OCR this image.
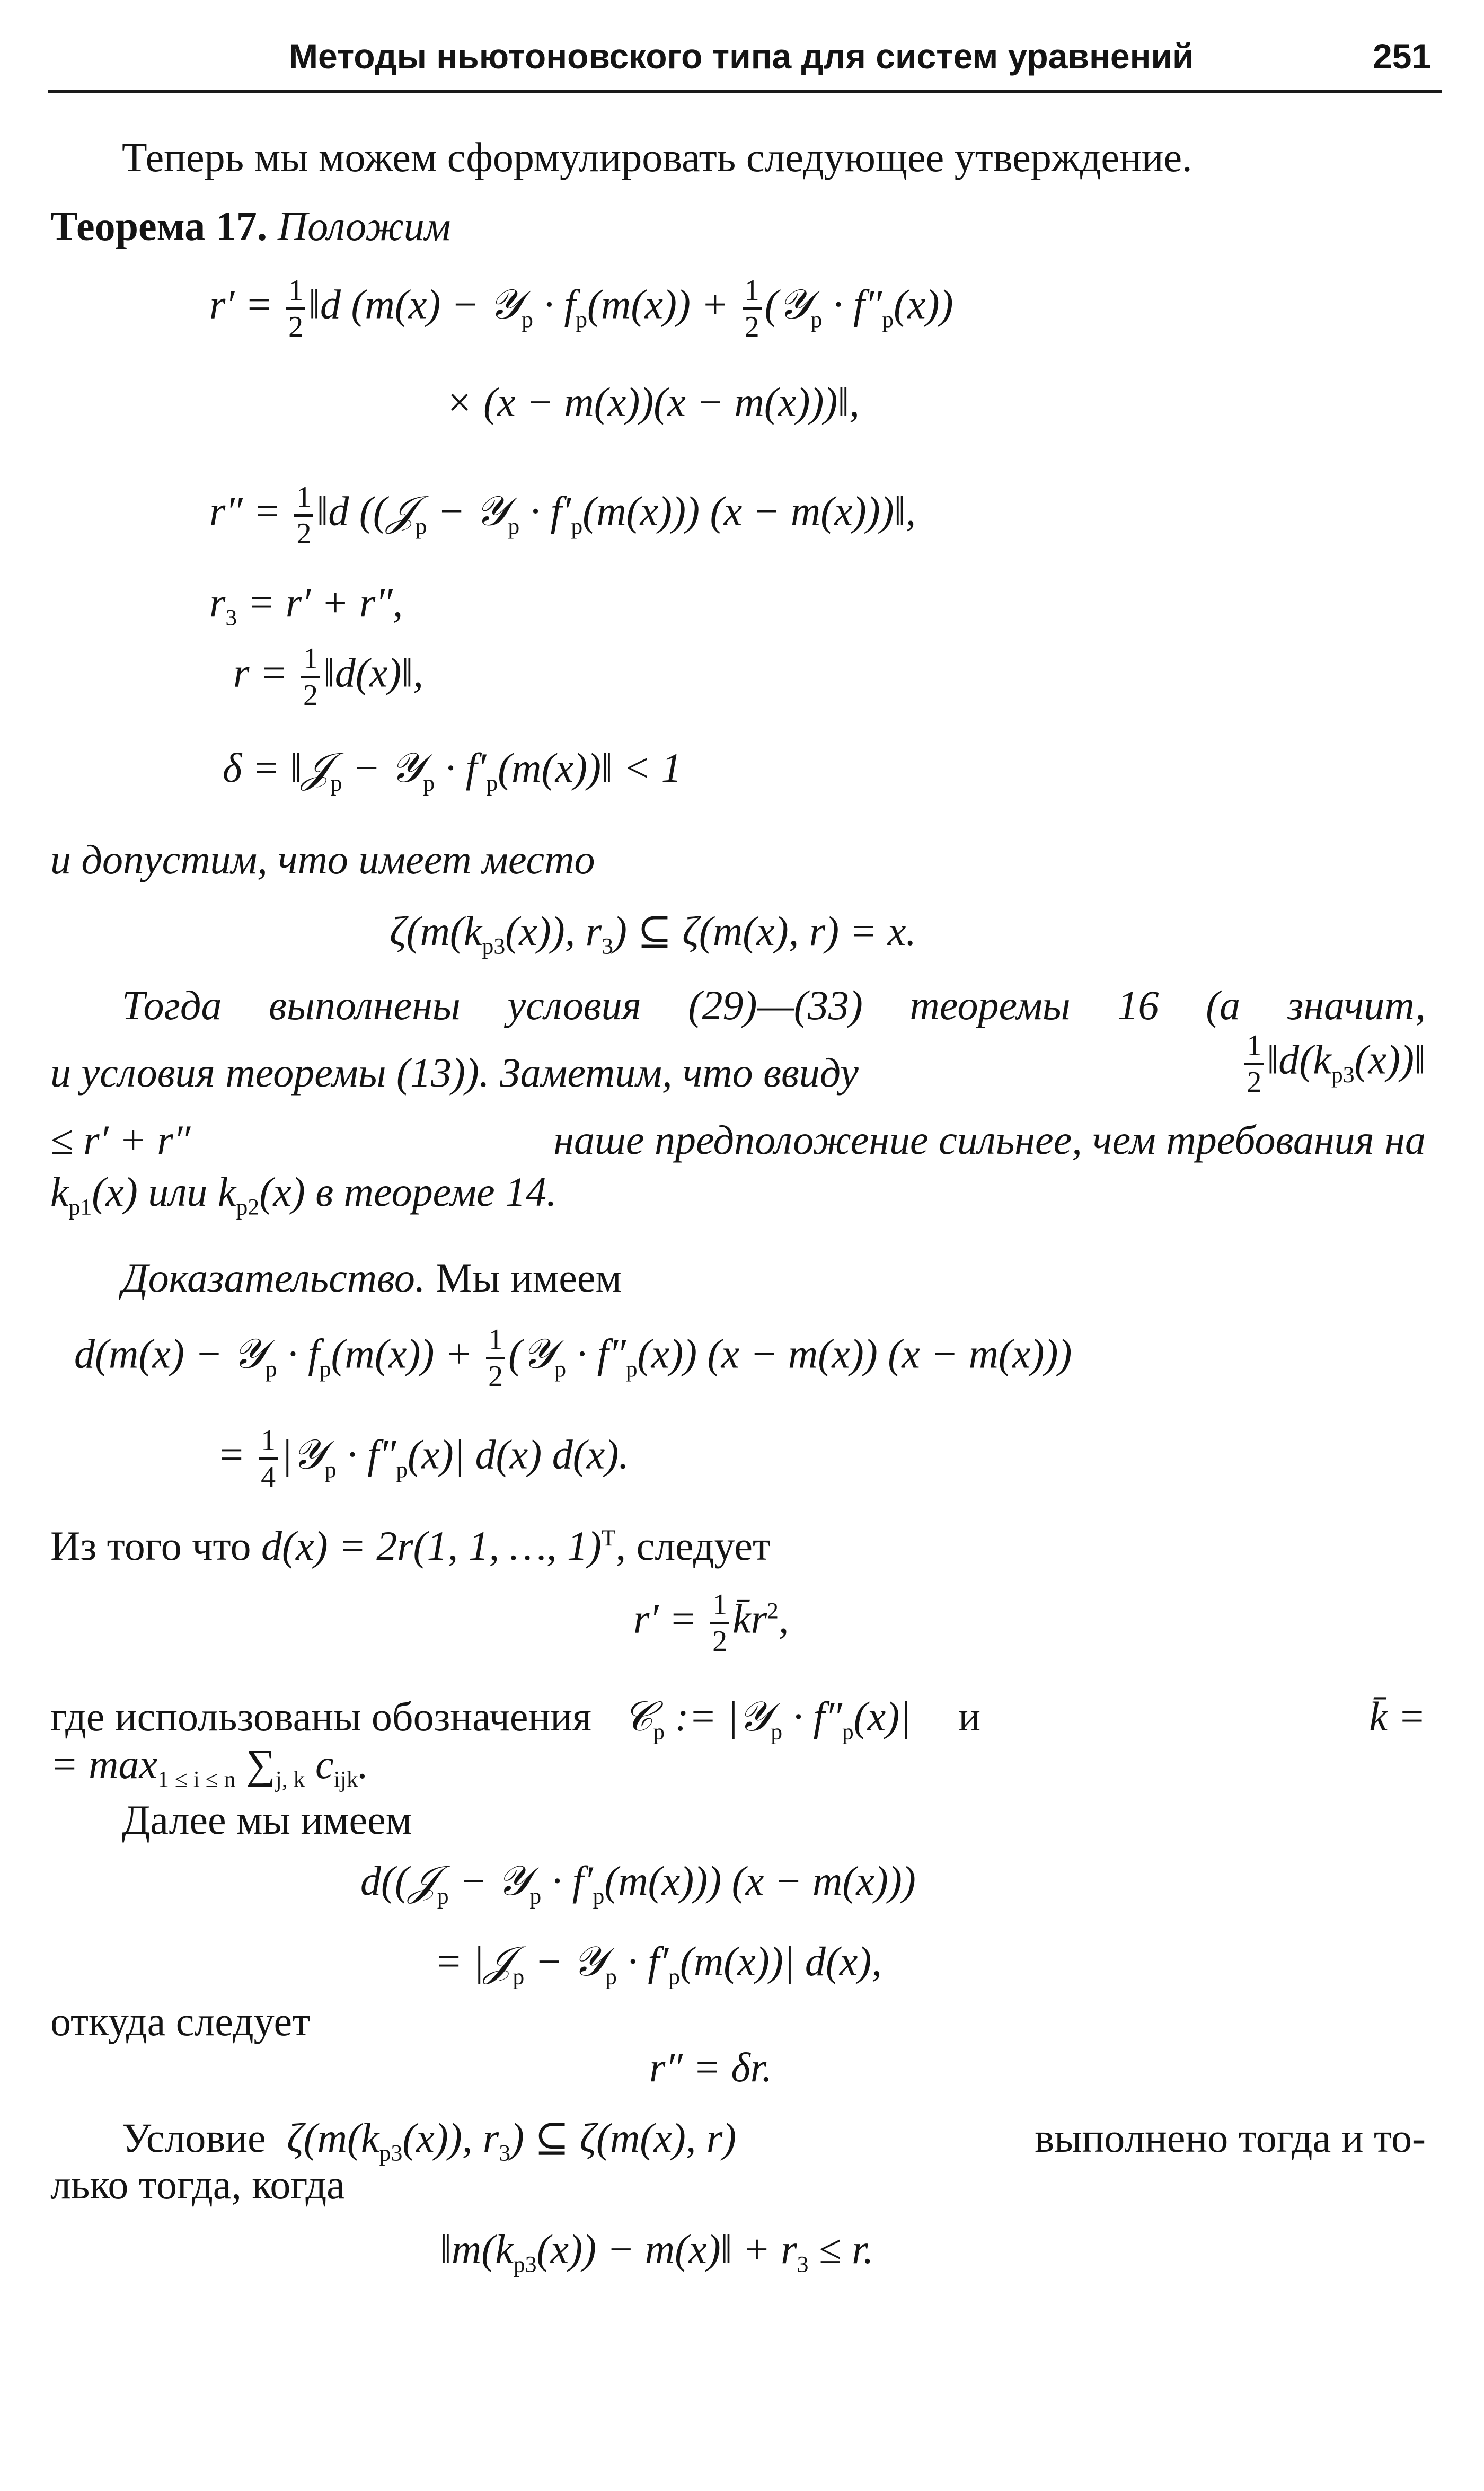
Методы ньютоновского типа для систем уравнений	251
Теперь мы можем сформулировать следующее утверждение.
Теорема 17. Положим
$r' = \frac{1}{2}$ ‖d (m(x) − 𝒴$_p$ · $f_p(m(x)) + \frac{1}{2}$ (𝒴$_p$ · $f''_p(x)$)
× (x − m(x))(x − m(x)))‖,
$r'' = \frac{1}{2}$ ‖d ((𝒥$_p$ − 𝒴$_p$ · $f'_p(m(x))$) (x − m(x)))‖,
$r_3 = r' + r''$,
$r = \frac{1}{2}$ ‖d(x)‖,
δ = ‖𝒥$_p$ − 𝒴$_p$ · $f'_p(m(x))‖ < 1$
и допустим, что имеет место
$\zeta(m(k_{p3}(x))$, $r_3$) ⊆ ζ(m(x), r) = x.
Тогда выполнены условия (29)—(33) теоремы 16 (а значит,
и условия теоремы (13)). Заметим, что ввиду	$\frac{1}{2}$ $‖d(k_{p3}(x))‖$
≤ r′ + r″	наше предположение сильнее, чем требования на
$k_{p1}(x)$ или $k_{p2}(x)$ в теореме 14.
Доказательство. Мы имеем
d(m(x) − 𝒴$_p$ · $f_p(m(x)) + \frac{1}{2}$ (𝒴$_p$ · $f''_p(x)$) (x − m(x)) (x − m(x)))
= $\frac{1}{4}$ |𝒴$_p$ · $f''_p(x)|$ d(x) d(x).
Из того что d(x) = 2r(1, 1, …, 1)$^T$, следует
$r' = \frac{1}{2}$ $k̄r^2$,
где использованы обозначения 𝒞$_p$ := |𝒴$_p$ · $f''_p(x)|$ и	k̄ =
= $\max_{1 \le i \le n} \sum_{j, k}$ $c_{ijk}$.
Далее мы имеем
d((𝒥$_p$ − 𝒴$_p$ · $f'_p(m(x))$) (x − m(x)))
= |𝒥$_p$ − 𝒴$_p$ · $f'_p(m(x))|$ d(x),
откуда следует
r″ = δr.
Условие $\zeta(m(k_{p3}(x))$, $r_3$) ⊆ ζ(m(x), r)	выполнено тогда и то-
лько тогда, когда
$‖m(k_{p3}(x))$ − m(x)‖ + $r_3 \le r$.
